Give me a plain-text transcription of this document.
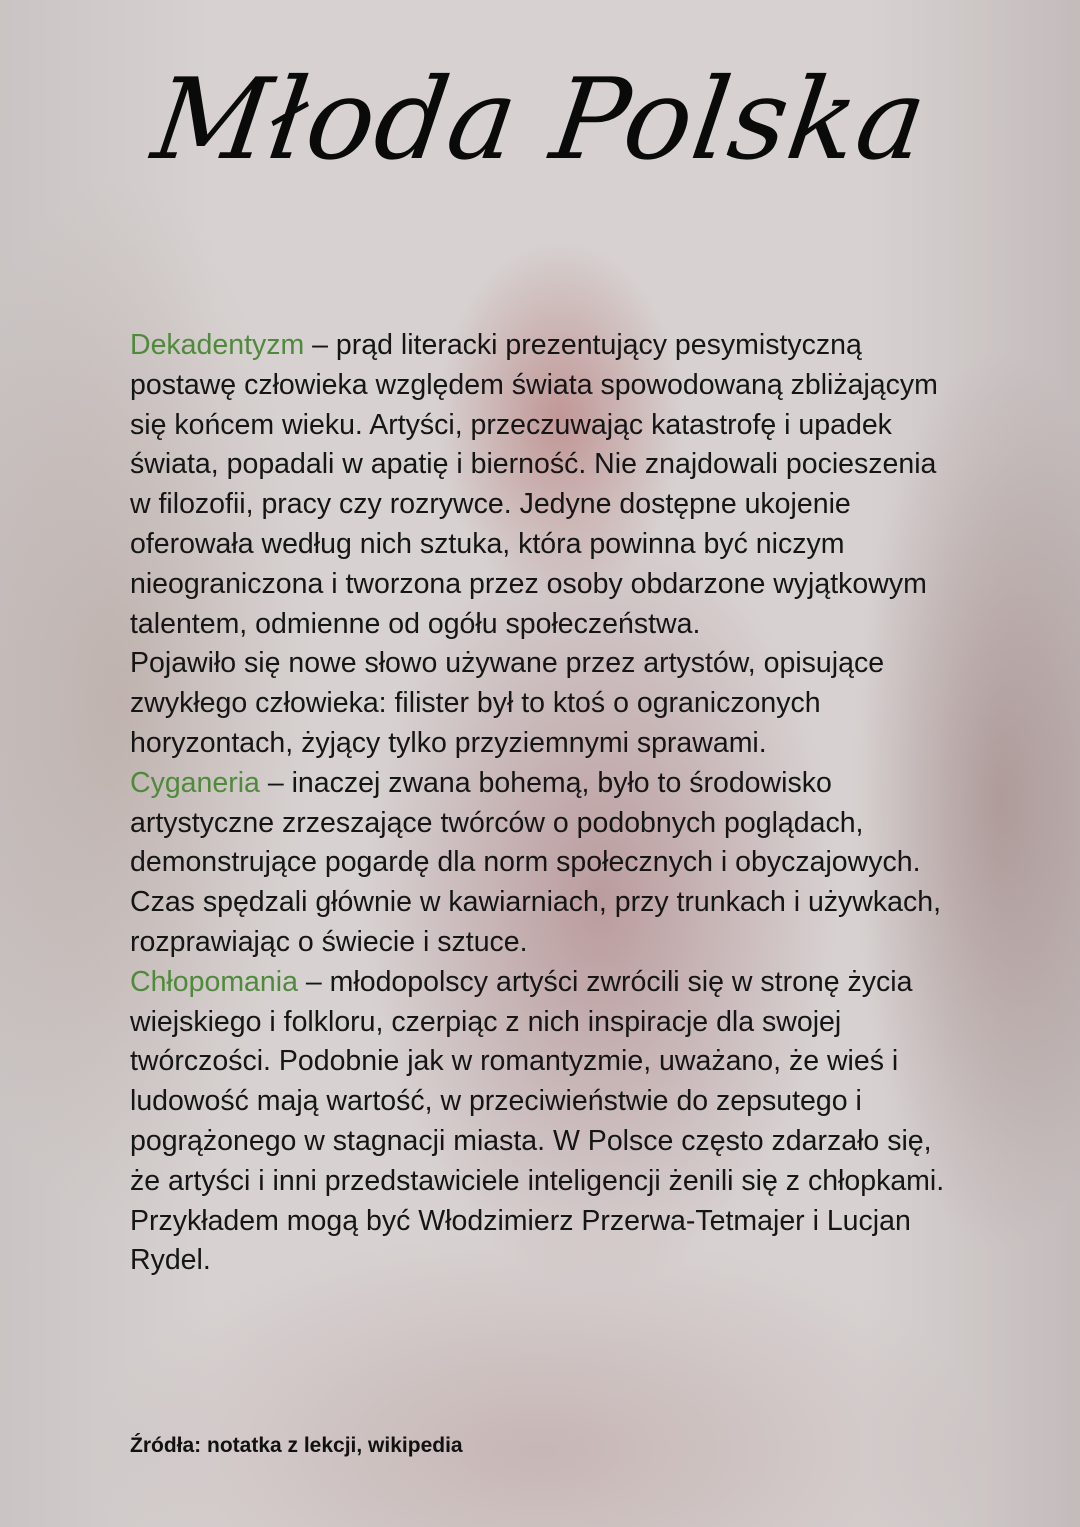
Młoda Polska

Dekadentyzm – prąd literacki prezentujący pesymistyczną postawę człowieka względem świata spowodowaną zbliżającym się końcem wieku. Artyści, przeczuwając katastrofę i upadek świata, popadali w apatię i bierność. Nie znajdowali pocieszenia w filozofii, pracy czy rozrywce. Jedyne dostępne ukojenie oferowała według nich sztuka, która powinna być niczym nieograniczona i tworzona przez osoby obdarzone wyjątkowym talentem, odmienne od ogółu społeczeństwa.

Pojawiło się nowe słowo używane przez artystów, opisujące zwykłego człowieka: filister był to ktoś o ograniczonych horyzontach, żyjący tylko przyziemnymi sprawami.

Cyganeria – inaczej zwana bohemą, było to środowisko artystyczne zrzeszające twórców o podobnych poglądach, demonstrujące pogardę dla norm społecznych i obyczajowych. Czas spędzali głównie w kawiarniach, przy trunkach i używkach, rozprawiając o świecie i sztuce.

Chłopomania – młodopolscy artyści zwrócili się w stronę życia wiejskiego i folkloru, czerpiąc z nich inspiracje dla swojej twórczości. Podobnie jak w romantyzmie, uważano, że wieś i ludowość mają wartość, w przeciwieństwie do zepsutego i pogrążonego w stagnacji miasta. W Polsce często zdarzało się, że artyści i inni przedstawiciele inteligencji żenili się z chłopkami. Przykładem mogą być Włodzimierz Przerwa-Tetmajer i Lucjan Rydel.

Źródła: notatka z lekcji, wikipedia
